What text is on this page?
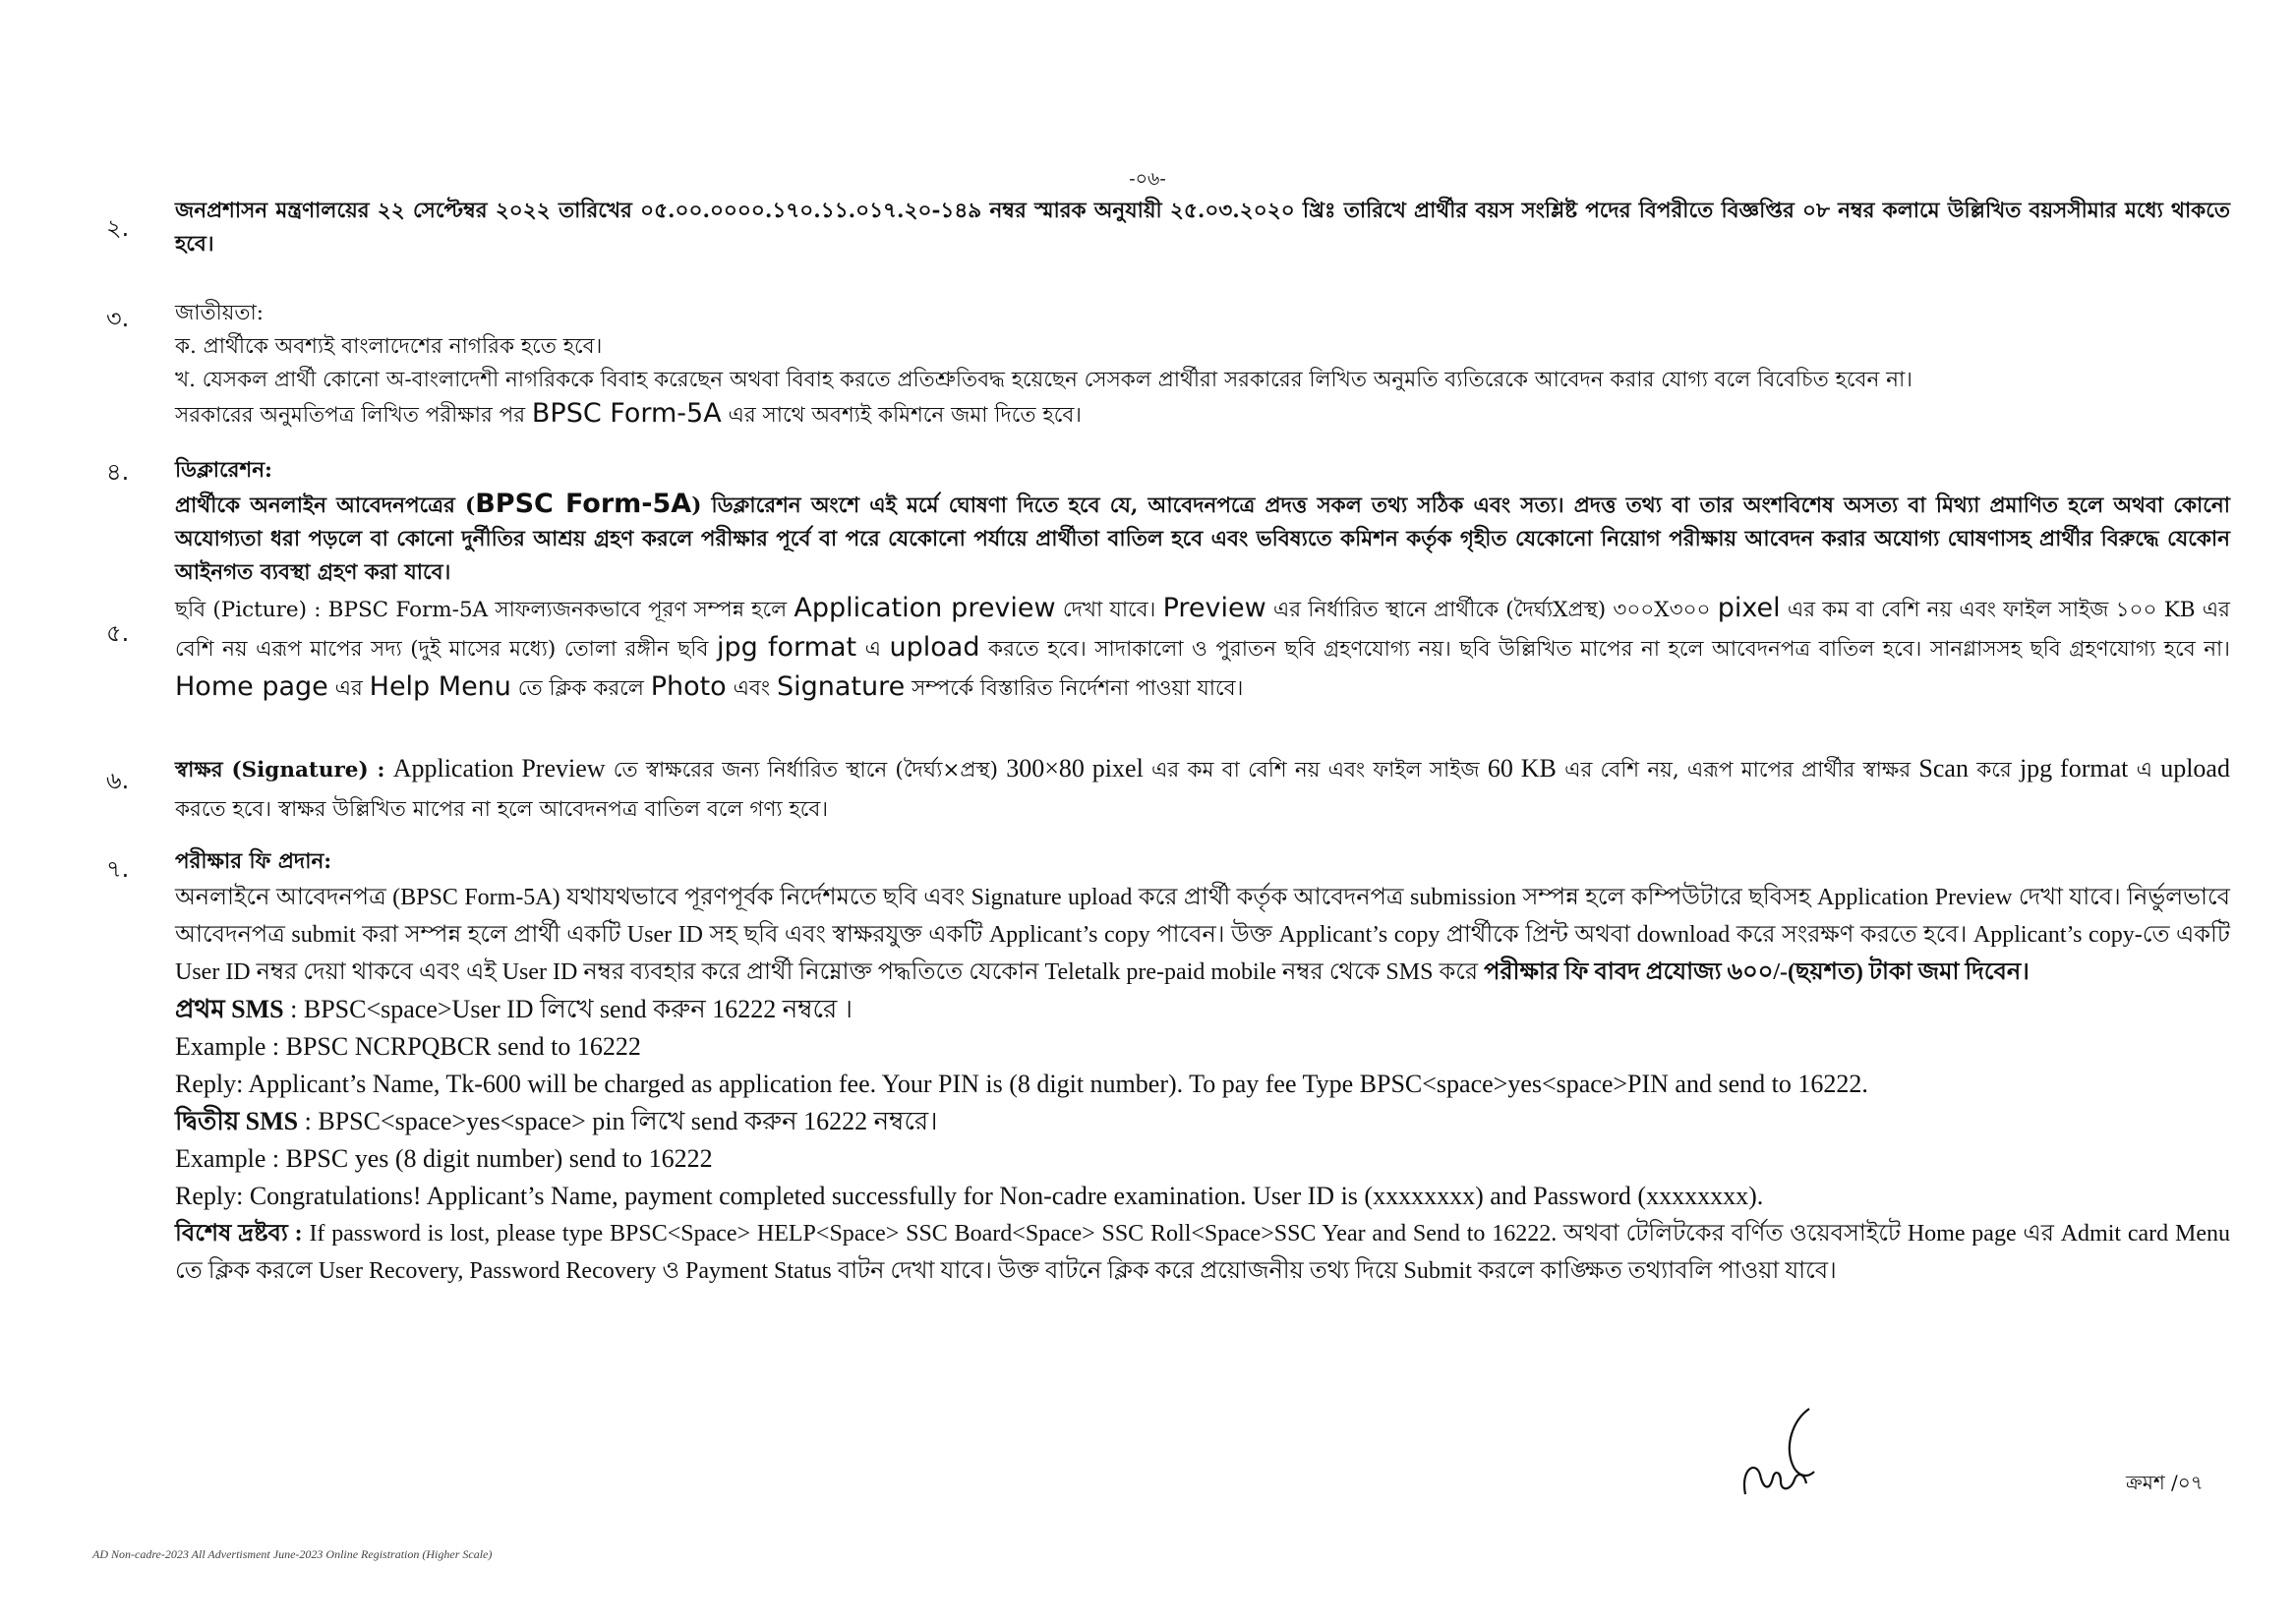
-০৬-
২.

জনপ্রশাসন মন্ত্রণালয়ের ২২ সেপ্টেম্বর ২০২২ তারিখের ০৫.০০.০০০০.১৭০.১১.০১৭.২০-১৪৯ নম্বর স্মারক অনুযায়ী ২৫.০৩.২০২০ খ্রিঃ তারিখে প্রার্থীর বয়স সংশ্লিষ্ট পদের বিপরীতে বিজ্ঞপ্তির ০৮ নম্বর কলামে উল্লিখিত বয়সসীমার মধ্যে থাকতে হবে।

৩. জাতীয়তা:

ক. প্রার্থীকে অবশ্যই বাংলাদেশের নাগরিক হতে হবে।

খ. যেসকল প্রার্থী কোনো অ-বাংলাদেশী নাগরিককে বিবাহ করেছেন অথবা বিবাহ করতে প্রতিশ্রুতিবদ্ধ হয়েছেন সেসকল প্রার্থীরা সরকারের লিখিত অনুমতি ব্যতিরেকে আবেদন করার যোগ্য বলে বিবেচিত হবেন না।

সরকারের অনুমতিপত্র লিখিত পরীক্ষার পর BPSC Form-5A এর সাথে অবশ্যই কমিশনে জমা দিতে হবে।

৪. ডিক্লারেশন:

প্রার্থীকে অনলাইন আবেদনপত্রের (BPSC Form-5A) ডিক্লারেশন অংশে এই মর্মে ঘোষণা দিতে হবে যে, আবেদনপত্রে প্রদত্ত সকল তথ্য সঠিক এবং সত্য। প্রদত্ত তথ্য বা তার অংশবিশেষ অসত্য বা মিথ্যা প্রমাণিত হলে অথবা কোনো অযোগ্যতা ধরা পড়লে বা কোনো দুর্নীতির আশ্রয় গ্রহণ করলে পরীক্ষার পূর্বে বা পরে যেকোনো পর্যায়ে প্রার্থীতা বাতিল হবে এবং ভবিষ্যতে কমিশন কর্তৃক গৃহীত যেকোনো নিয়োগ পরীক্ষায় আবেদন করার অযোগ্য ঘোষণাসহ প্রার্থীর বিরুদ্ধে যেকোন আইনগত ব্যবস্থা গ্রহণ করা যাবে।

৫.

ছবি (Picture) : BPSC Form-5A সাফল্যজনকভাবে পূরণ সম্পন্ন হলে Application preview দেখা যাবে। Preview এর নির্ধারিত স্থানে প্রার্থীকে (দৈর্ঘ্যXপ্রস্থ) ৩০০X৩০০ pixel এর কম বা বেশি নয় এবং ফাইল সাইজ ১০০ KB এর বেশি নয় এরূপ মাপের সদ্য (দুই মাসের মধ্যে) তোলা রঙ্গীন ছবি jpg format এ upload করতে হবে। সাদাকালো ও পুরাতন ছবি গ্রহণযোগ্য নয়। ছবি উল্লিখিত মাপের না হলে আবেদনপত্র বাতিল হবে। সানগ্লাসসহ ছবি গ্রহণযোগ্য হবে না। Home page এর Help Menu তে ক্লিক করলে Photo এবং Signature সম্পর্কে বিস্তারিত নির্দেশনা পাওয়া যাবে।

৬. স্বাক্ষর (Signature) : Application Preview তে স্বাক্ষরের জন্য নির্ধারিত স্থানে (দৈর্ঘ্য×প্রস্থ) 300×80 pixel এর কম বা বেশি নয় এবং ফাইল সাইজ 60 KB এর বেশি নয়, এরূপ মাপের প্রার্থীর স্বাক্ষর Scan করে jpg format এ upload করতে হবে। স্বাক্ষর উল্লিখিত মাপের না হলে আবেদনপত্র বাতিল বলে গণ্য হবে।

৭. পরীক্ষার ফি প্রদান:

অনলাইনে আবেদনপত্র (BPSC Form-5A) যথাযথভাবে পূরণপূর্বক নির্দেশমতে ছবি এবং Signature upload করে প্রার্থী কর্তৃক আবেদনপত্র submission সম্পন্ন হলে কম্পিউটারে ছবিসহ Application Preview দেখা যাবে। নির্ভুলভাবে আবেদনপত্র submit করা সম্পন্ন হলে প্রার্থী একটি User ID সহ ছবি এবং স্বাক্ষরযুক্ত একটি Applicant’s copy পাবেন। উক্ত Applicant’s copy প্রার্থীকে প্রিন্ট অথবা download করে সংরক্ষণ করতে হবে। Applicant’s copy-তে একটি User ID নম্বর দেয়া থাকবে এবং এই User ID নম্বর ব্যবহার করে প্রার্থী নিম্নোক্ত পদ্ধতিতে যেকোন Teletalk pre-paid mobile নম্বর থেকে SMS করে পরীক্ষার ফি বাবদ প্রযোজ্য ৬০০/-(ছয়শত) টাকা জমা দিবেন।

প্রথম SMS : BPSC<space>User ID লিখে send করুন 16222 নম্বরে ।

Example : BPSC NCRPQBCR send to 16222

Reply: Applicant’s Name, Tk-600 will be charged as application fee. Your PIN is (8 digit number). To pay fee Type BPSC<space>yes<space>PIN and send to 16222.

দ্বিতীয় SMS : BPSC<space>yes<space> pin লিখে send করুন 16222 নম্বরে।

Example : BPSC yes (8 digit number) send to 16222

Reply: Congratulations! Applicant’s Name, payment completed successfully for Non-cadre examination. User ID is (xxxxxxxx) and Password (xxxxxxxx).

বিশেষ দ্রষ্টব্য : If password is lost, please type BPSC<Space> HELP<Space> SSC Board<Space> SSC Roll<Space>SSC Year and Send to 16222. অথবা টেলিটকের বর্ণিত ওয়েবসাইটে Home page এর Admit card Menu তে ক্লিক করলে User Recovery, Password Recovery ও Payment Status বাটন দেখা যাবে। উক্ত বাটনে ক্লিক করে প্রয়োজনীয় তথ্য দিয়ে Submit করলে কাঙ্ক্ষিত তথ্যাবলি পাওয়া যাবে।

ক্রমশ /০৭
AD Non-cadre-2023 All Advertisment June-2023 Online Registration (Higher Scale)
